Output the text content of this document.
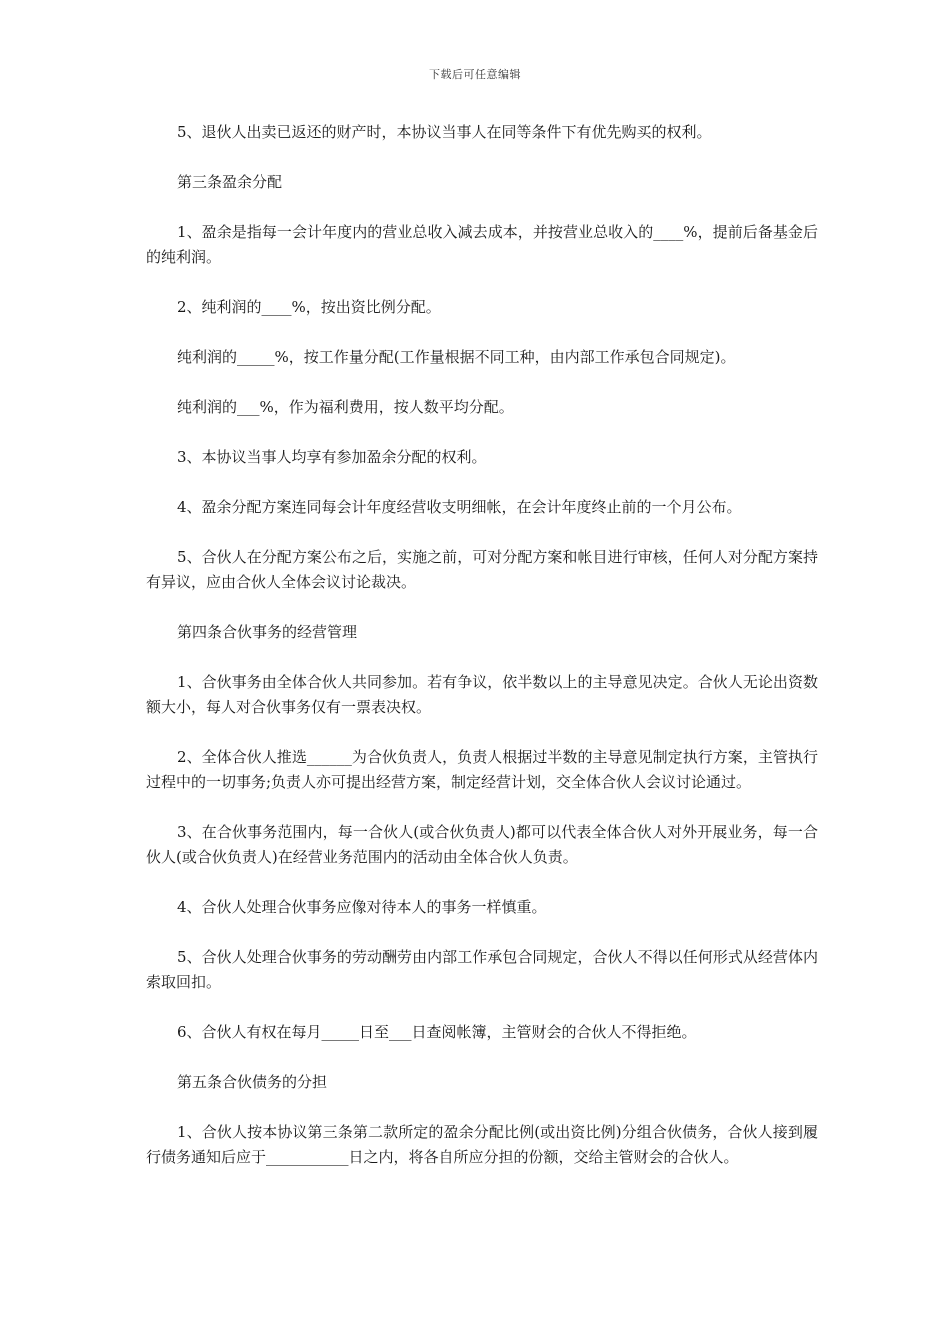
下载后可任意编辑

5、退伙人出卖已返还的财产时，本协议当事人在同等条件下有优先购买的权利。

第三条盈余分配

1、盈余是指每一会计年度内的营业总收入减去成本，并按营业总收入的____%，提前后备基金后的纯利润。

2、纯利润的____%，按出资比例分配。

纯利润的_____%，按工作量分配(工作量根据不同工种，由内部工作承包合同规定)。

纯利润的___%，作为福利费用，按人数平均分配。

3、本协议当事人均享有参加盈余分配的权利。

4、盈余分配方案连同每会计年度经营收支明细帐，在会计年度终止前的一个月公布。

5、合伙人在分配方案公布之后，实施之前，可对分配方案和帐目进行审核，任何人对分配方案持有异议，应由合伙人全体会议讨论裁决。

第四条合伙事务的经营管理

1、合伙事务由全体合伙人共同参加。若有争议，依半数以上的主导意见决定。合伙人无论出资数额大小，每人对合伙事务仅有一票表决权。

2、全体合伙人推选______为合伙负责人，负责人根据过半数的主导意见制定执行方案，主管执行过程中的一切事务;负责人亦可提出经营方案，制定经营计划，交全体合伙人会议讨论通过。

3、在合伙事务范围内，每一合伙人(或合伙负责人)都可以代表全体合伙人对外开展业务，每一合伙人(或合伙负责人)在经营业务范围内的活动由全体合伙人负责。

4、合伙人处理合伙事务应像对待本人的事务一样慎重。

5、合伙人处理合伙事务的劳动酬劳由内部工作承包合同规定，合伙人不得以任何形式从经营体内索取回扣。

6、合伙人有权在每月_____日至___日查阅帐簿，主管财会的合伙人不得拒绝。

第五条合伙债务的分担

1、合伙人按本协议第三条第二款所定的盈余分配比例(或出资比例)分组合伙债务，合伙人接到履行债务通知后应于___________日之内，将各自所应分担的份额，交给主管财会的合伙人。
